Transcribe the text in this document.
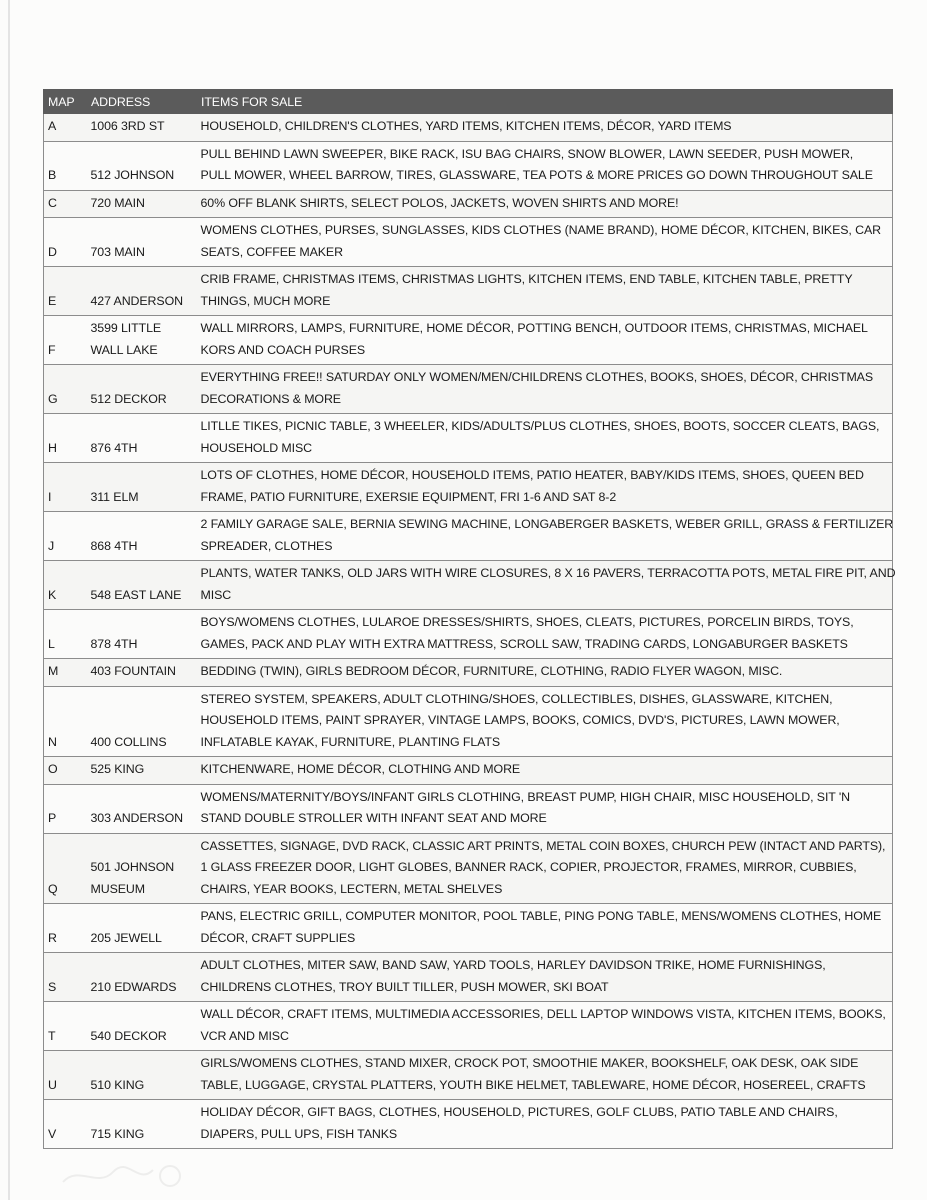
MAP	ADDRESS	ITEMS FOR SALE
A	1006 3RD ST	HOUSEHOLD, CHILDREN'S CLOTHES, YARD ITEMS, KITCHEN ITEMS, DÉCOR, YARD ITEMS

B	512 JOHNSON	PULL BEHIND LAWN SWEEPER, BIKE RACK, ISU BAG CHAIRS, SNOW BLOWER, LAWN SEEDER, PUSH MOWER,
PULL MOWER, WHEEL BARROW, TIRES, GLASSWARE, TEA POTS & MORE PRICES GO DOWN THROUGHOUT SALE

C	720 MAIN	60% OFF BLANK SHIRTS, SELECT POLOS, JACKETS, WOVEN SHIRTS AND MORE!

D	703 MAIN	WOMENS CLOTHES, PURSES, SUNGLASSES, KIDS CLOTHES (NAME BRAND), HOME DÉCOR, KITCHEN, BIKES, CAR
SEATS, COFFEE MAKER

E	427 ANDERSON	CRIB FRAME, CHRISTMAS ITEMS, CHRISTMAS LIGHTS, KITCHEN ITEMS, END TABLE, KITCHEN TABLE, PRETTY
THINGS, MUCH MORE

F	3599 LITTLE
WALL LAKE	WALL MIRRORS, LAMPS, FURNITURE, HOME DÉCOR, POTTING BENCH, OUTDOOR ITEMS, CHRISTMAS, MICHAEL
KORS AND COACH PURSES

G	512 DECKOR	EVERYTHING FREE!! SATURDAY ONLY WOMEN/MEN/CHILDRENS CLOTHES, BOOKS, SHOES, DÉCOR, CHRISTMAS
DECORATIONS & MORE

H	876 4TH	LITLLE TIKES, PICNIC TABLE, 3 WHEELER, KIDS/ADULTS/PLUS CLOTHES, SHOES, BOOTS, SOCCER CLEATS, BAGS,
HOUSEHOLD MISC

I	311 ELM	LOTS OF CLOTHES, HOME DÉCOR, HOUSEHOLD ITEMS, PATIO HEATER, BABY/KIDS ITEMS, SHOES, QUEEN BED
FRAME, PATIO FURNITURE, EXERSIE EQUIPMENT, FRI 1-6 AND SAT 8-2

J	868 4TH	2 FAMILY GARAGE SALE, BERNIA SEWING MACHINE, LONGABERGER BASKETS, WEBER GRILL, GRASS & FERTILIZER
SPREADER, CLOTHES

K	548 EAST LANE	PLANTS, WATER TANKS, OLD JARS WITH WIRE CLOSURES, 8 X 16 PAVERS, TERRACOTTA POTS, METAL FIRE PIT, AND
MISC

L	878 4TH	BOYS/WOMENS CLOTHES, LULAROE DRESSES/SHIRTS, SHOES, CLEATS, PICTURES, PORCELIN BIRDS, TOYS,
GAMES, PACK AND PLAY WITH EXTRA MATTRESS, SCROLL SAW, TRADING CARDS, LONGABURGER BASKETS

M	403 FOUNTAIN	BEDDING (TWIN), GIRLS BEDROOM DÉCOR, FURNITURE, CLOTHING, RADIO FLYER WAGON, MISC.

N	400 COLLINS	STEREO SYSTEM, SPEAKERS, ADULT CLOTHING/SHOES, COLLECTIBLES, DISHES, GLASSWARE, KITCHEN,
HOUSEHOLD ITEMS, PAINT SPRAYER, VINTAGE LAMPS, BOOKS, COMICS, DVD'S, PICTURES, LAWN MOWER,
INFLATABLE KAYAK, FURNITURE, PLANTING FLATS

O	525 KING	KITCHENWARE, HOME DÉCOR, CLOTHING AND MORE

P	303 ANDERSON	WOMENS/MATERNITY/BOYS/INFANT GIRLS CLOTHING, BREAST PUMP, HIGH CHAIR, MISC HOUSEHOLD, SIT 'N
STAND DOUBLE STROLLER WITH INFANT SEAT AND MORE

Q	501 JOHNSON
MUSEUM	CASSETTES, SIGNAGE, DVD RACK, CLASSIC ART PRINTS, METAL COIN BOXES, CHURCH PEW (INTACT AND PARTS),
1 GLASS FREEZER DOOR, LIGHT GLOBES, BANNER RACK, COPIER, PROJECTOR, FRAMES, MIRROR, CUBBIES,
CHAIRS, YEAR BOOKS, LECTERN, METAL SHELVES

R	205 JEWELL	PANS, ELECTRIC GRILL, COMPUTER MONITOR, POOL TABLE, PING PONG TABLE, MENS/WOMENS CLOTHES, HOME
DÉCOR, CRAFT SUPPLIES

S	210 EDWARDS	ADULT CLOTHES, MITER SAW, BAND SAW, YARD TOOLS, HARLEY DAVIDSON TRIKE, HOME FURNISHINGS,
CHILDRENS CLOTHES, TROY BUILT TILLER, PUSH MOWER, SKI BOAT

T	540 DECKOR	WALL DÉCOR, CRAFT ITEMS, MULTIMEDIA ACCESSORIES, DELL LAPTOP WINDOWS VISTA, KITCHEN ITEMS, BOOKS,
VCR AND MISC

U	510 KING	GIRLS/WOMENS CLOTHES, STAND MIXER, CROCK POT, SMOOTHIE MAKER, BOOKSHELF, OAK DESK, OAK SIDE
TABLE, LUGGAGE, CRYSTAL PLATTERS, YOUTH BIKE HELMET, TABLEWARE, HOME DÉCOR, HOSEREEL, CRAFTS

V	715 KING	HOLIDAY DÉCOR, GIFT BAGS, CLOTHES, HOUSEHOLD, PICTURES, GOLF CLUBS, PATIO TABLE AND CHAIRS,
DIAPERS, PULL UPS, FISH TANKS
